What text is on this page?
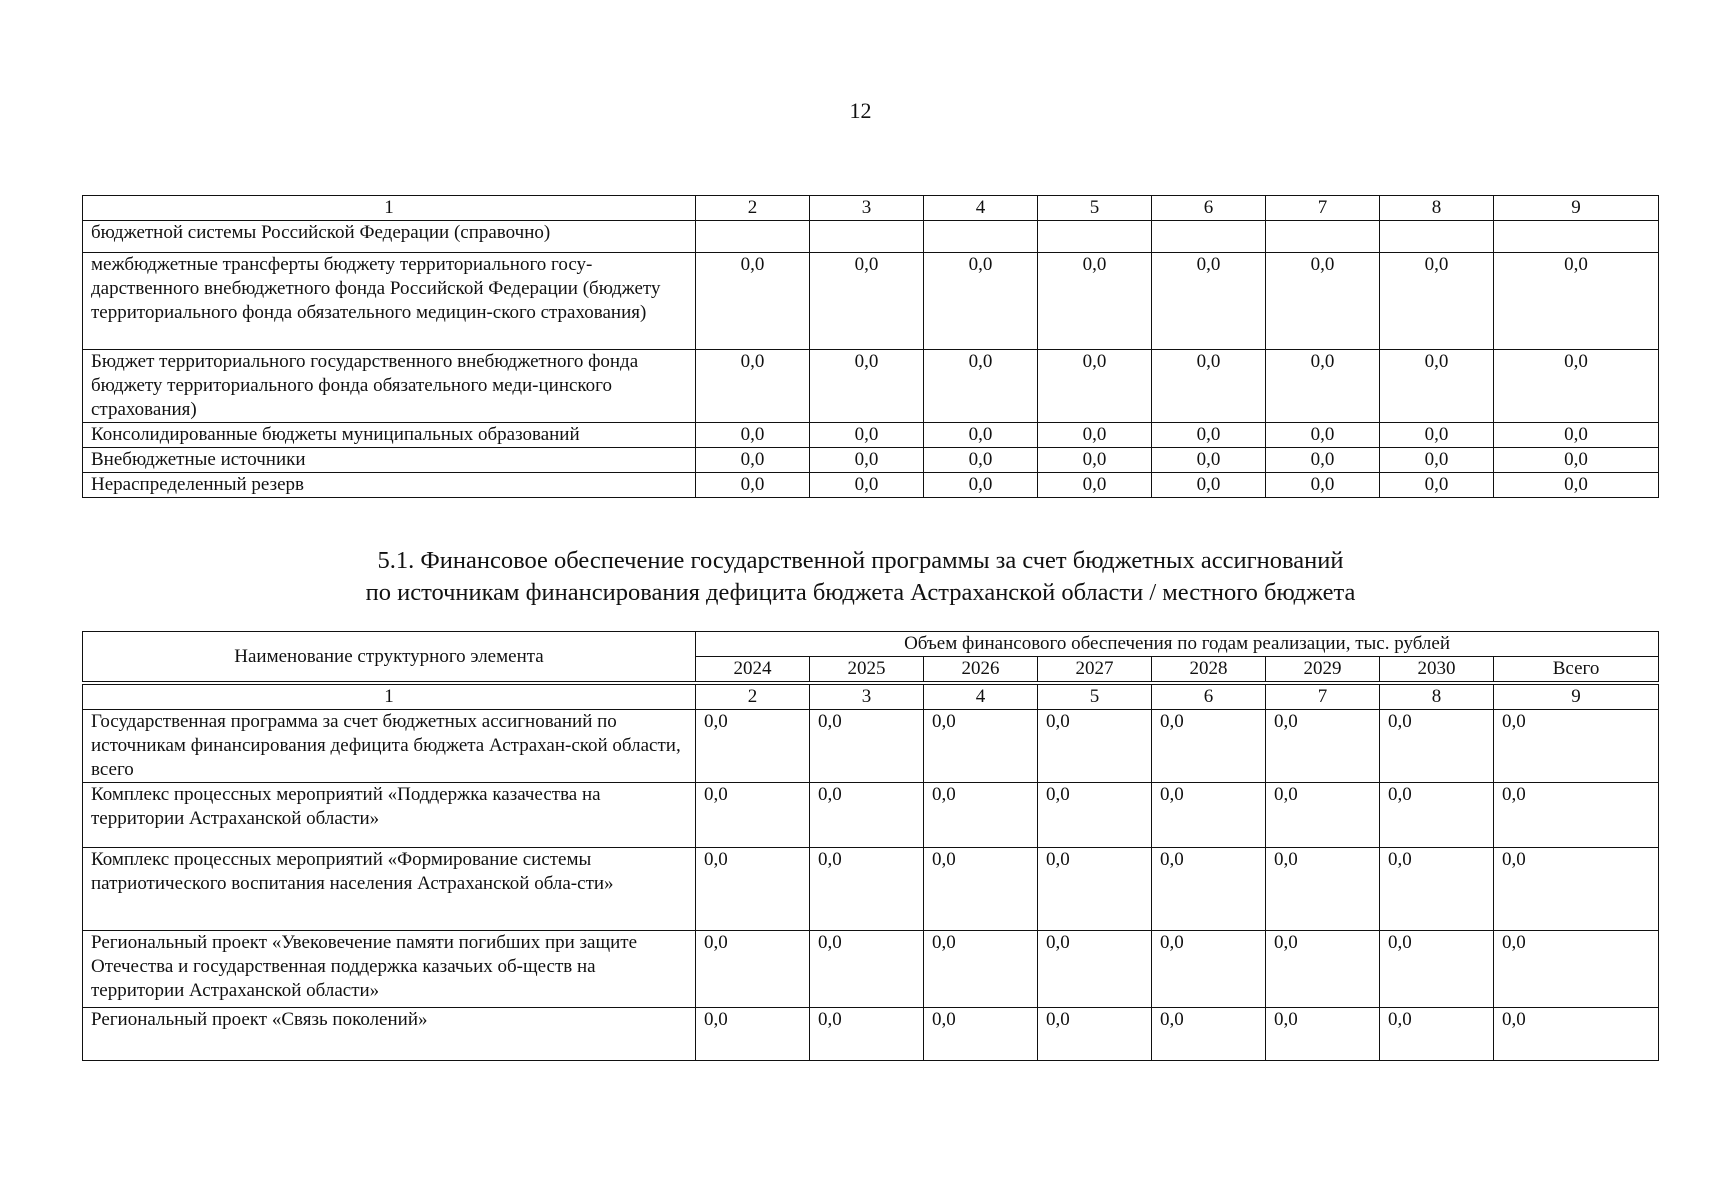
12
1	2	3	4	5	6	7	8	9
бюджетной системы Российской Федерации (справочно)								
межбюджетные трансферты бюджету территориального госу-дарственного внебюджетного фонда Российской Федерации (бюджету территориального фонда обязательного медицин-ского страхования)	0,0	0,0	0,0	0,0	0,0	0,0	0,0	0,0
Бюджет территориального государственного внебюджетного фонда бюджету территориального фонда обязательного меди-цинского страхования)	0,0	0,0	0,0	0,0	0,0	0,0	0,0	0,0
Консолидированные бюджеты муниципальных образований	0,0	0,0	0,0	0,0	0,0	0,0	0,0	0,0
Внебюджетные источники	0,0	0,0	0,0	0,0	0,0	0,0	0,0	0,0
Нераспределенный резерв	0,0	0,0	0,0	0,0	0,0	0,0	0,0	0,0
5.1. Финансовое обеспечение государственной программы за счет бюджетных ассигнований
по источникам финансирования дефицита бюджета Астраханской области / местного бюджета
Наименование структурного элемента	Объем финансового обеспечения по годам реализации, тыс. рублей							
	2024	2025	2026	2027	2028	2029	2030	Всего
1	2	3	4	5	6	7	8	9
Государственная программа за счет бюджетных ассигнований по источникам финансирования дефицита бюджета Астрахан-ской области, всего	0,0	0,0	0,0	0,0	0,0	0,0	0,0	0,0
Комплекс процессных мероприятий «Поддержка казачества на территории Астраханской области»	0,0	0,0	0,0	0,0	0,0	0,0	0,0	0,0
Комплекс процессных мероприятий «Формирование системы патриотического воспитания населения Астраханской обла-сти»	0,0	0,0	0,0	0,0	0,0	0,0	0,0	0,0
Региональный проект «Увековечение памяти погибших при защите Отечества и государственная поддержка казачьих об-ществ на территории Астраханской области»	0,0	0,0	0,0	0,0	0,0	0,0	0,0	0,0
Региональный проект «Связь поколений»	0,0	0,0	0,0	0,0	0,0	0,0	0,0	0,0
